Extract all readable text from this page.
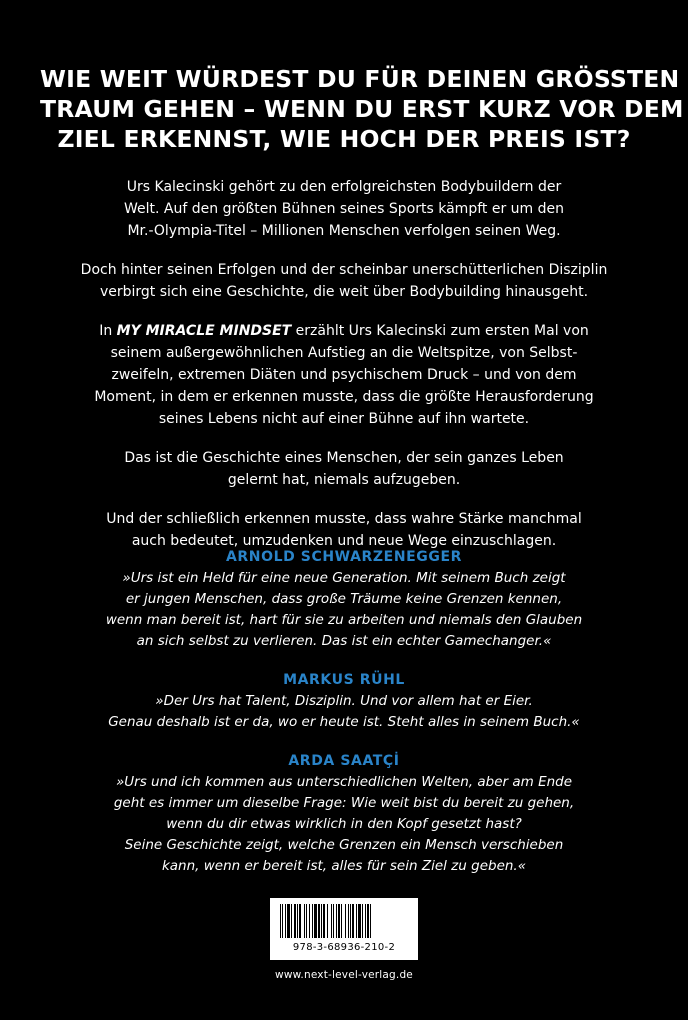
WIE WEIT WÜRDEST DU FÜR DEINEN GRÖSSTEN
TRAUM GEHEN – WENN DU ERST KURZ VOR DEM
ZIEL ERKENNST, WIE HOCH DER PREIS IST?

Urs Kalecinski gehört zu den erfolgreichsten Bodybuildern der
Welt. Auf den größten Bühnen seines Sports kämpft er um den
Mr.-Olympia-Titel – Millionen Menschen verfolgen seinen Weg.

Doch hinter seinen Erfolgen und der scheinbar unerschütterlichen Disziplin
verbirgt sich eine Geschichte, die weit über Bodybuilding hinausgeht.

In MY MIRACLE MINDSET erzählt Urs Kalecinski zum ersten Mal von
seinem außergewöhnlichen Aufstieg an die Weltspitze, von Selbst-
zweifeln, extremen Diäten und psychischem Druck – und von dem
Moment, in dem er erkennen musste, dass die größte Herausforderung
seines Lebens nicht auf einer Bühne auf ihn wartete.

Das ist die Geschichte eines Menschen, der sein ganzes Leben
gelernt hat, niemals aufzugeben.

Und der schließlich erkennen musste, dass wahre Stärke manchmal
auch bedeutet, umzudenken und neue Wege einzuschlagen.

ARNOLD SCHWARZENEGGER

»Urs ist ein Held für eine neue Generation. Mit seinem Buch zeigt
er jungen Menschen, dass große Träume keine Grenzen kennen,
wenn man bereit ist, hart für sie zu arbeiten und niemals den Glauben
an sich selbst zu verlieren. Das ist ein echter Gamechanger.«

MARKUS RÜHL

»Der Urs hat Talent, Disziplin. Und vor allem hat er Eier.
Genau deshalb ist er da, wo er heute ist. Steht alles in seinem Buch.«

ARDA SAATÇİ

»Urs und ich kommen aus unterschiedlichen Welten, aber am Ende
geht es immer um dieselbe Frage: Wie weit bist du bereit zu gehen,
wenn du dir etwas wirklich in den Kopf gesetzt hast?
Seine Geschichte zeigt, welche Grenzen ein Mensch verschieben
kann, wenn er bereit ist, alles für sein Ziel zu geben.«

978-3-68936-210-2
www.next-level-verlag.de
